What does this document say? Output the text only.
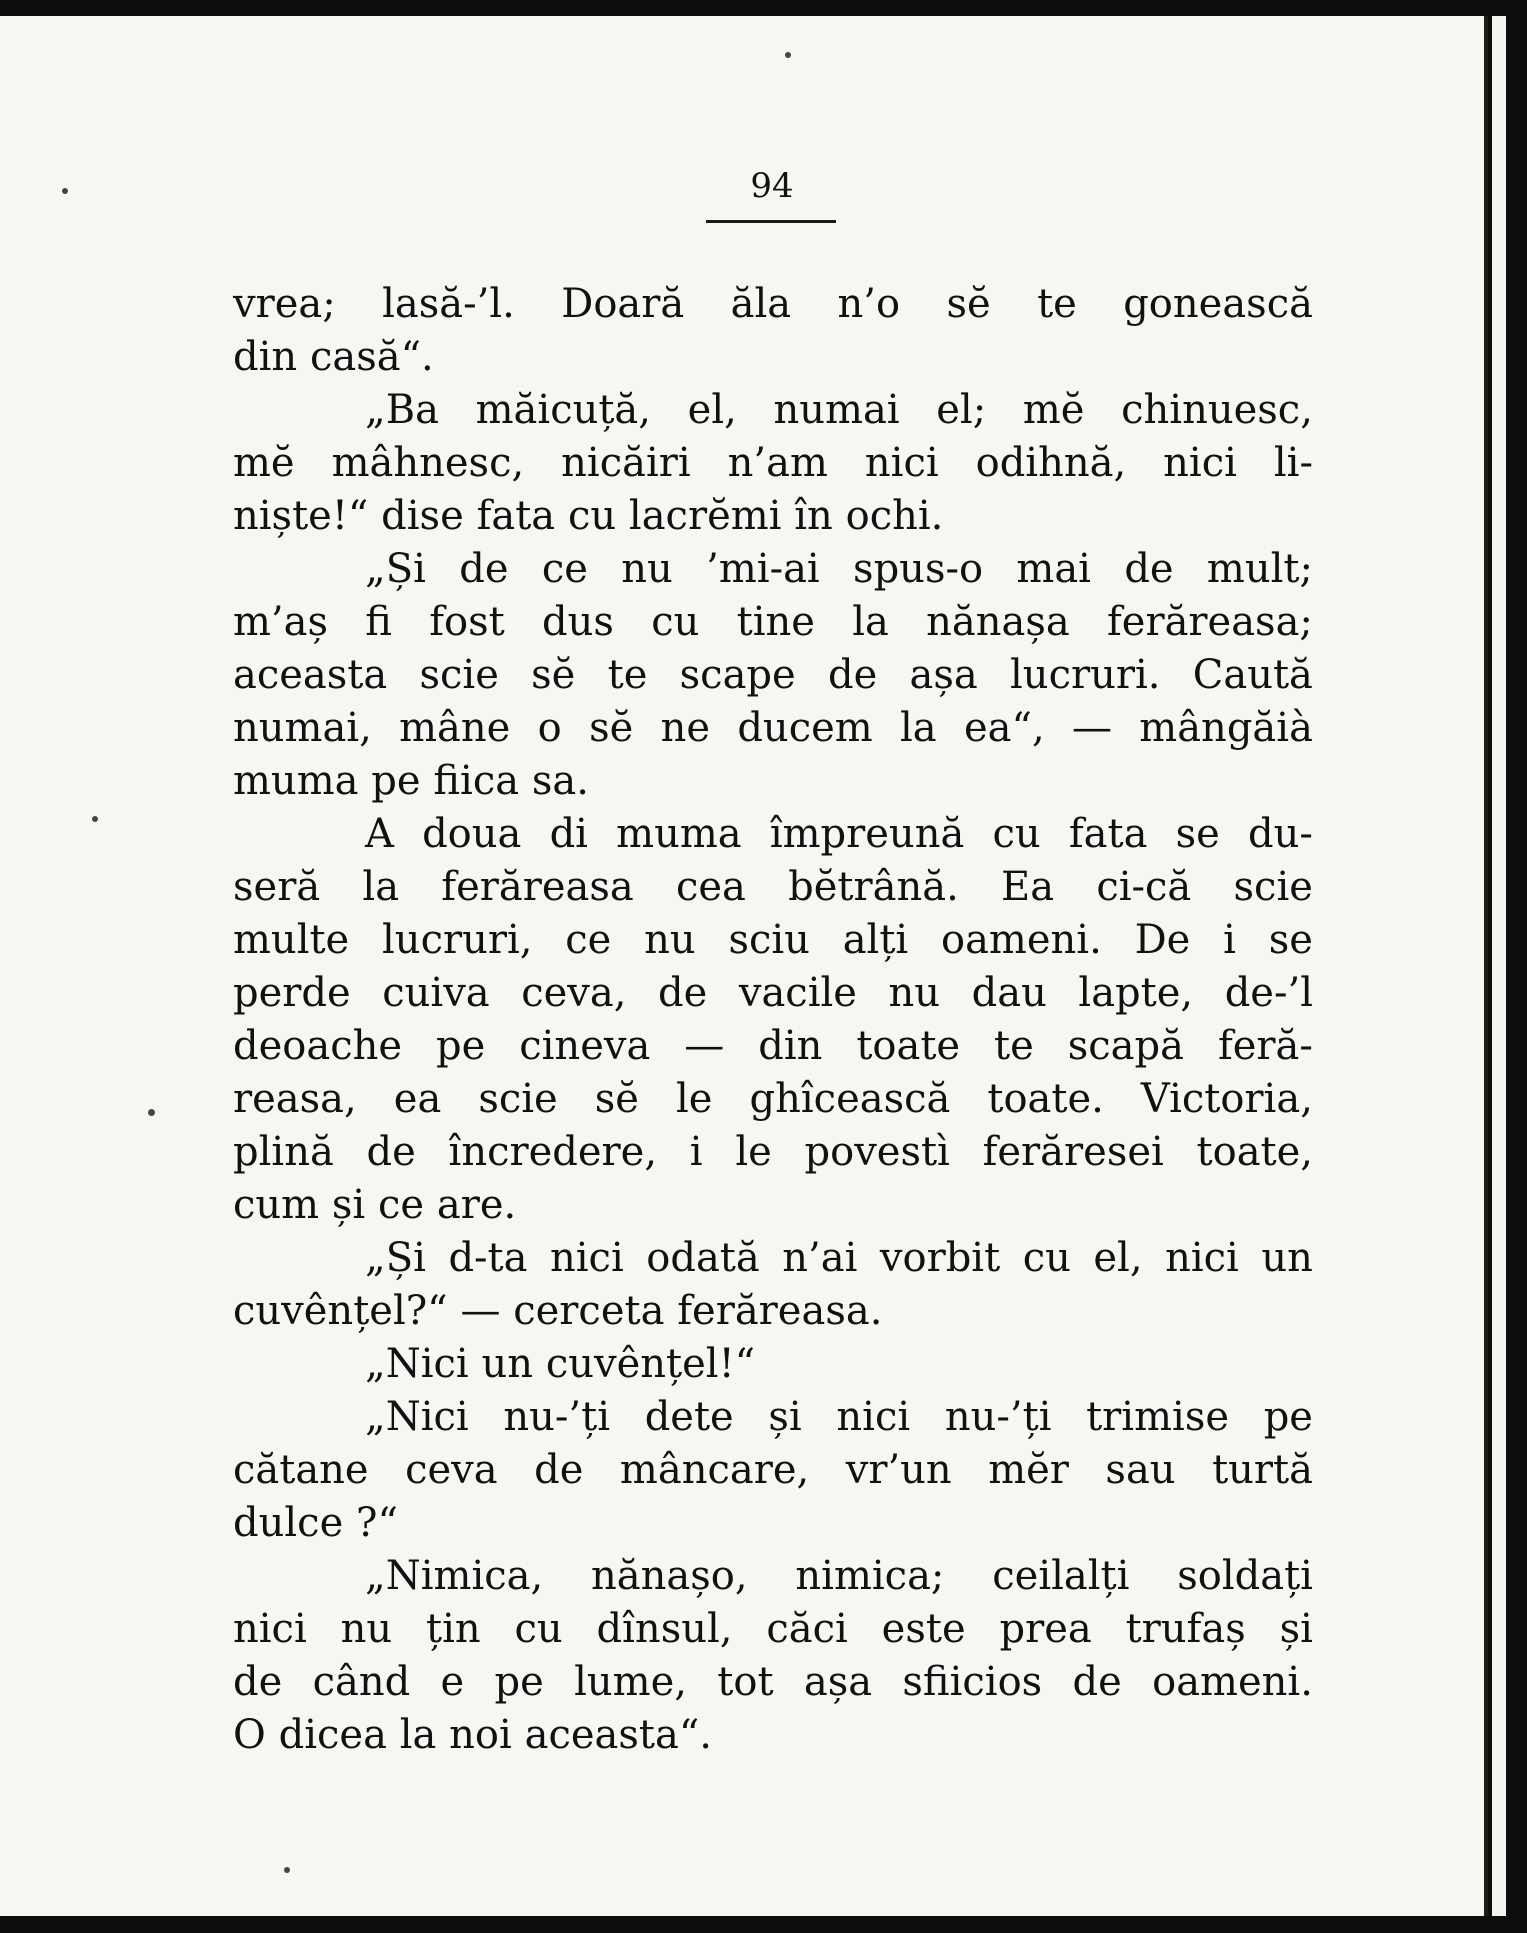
94
vrea; lasă-’l. Doară ăla n’o sĕ te gonească
din casă“.
„Ba măicuță, el, numai el; mĕ chinuesc,
mĕ mâhnesc, nicăiri n’am nici odihnă, nici li-
niște!“ dise fata cu lacrĕmi în ochi.
„Și de ce nu ’mi-ai spus-o mai de mult;
m’aș fi fost dus cu tine la nănașa ferăreasa;
aceasta scie sĕ te scape de așa lucruri. Caută
numai, mâne o sĕ ne ducem la ea“, — mângăià
muma pe fiica sa.
A doua di muma împreună cu fata se du-
seră la ferăreasa cea bĕtrână. Ea ci-că scie
multe lucruri, ce nu sciu alți oameni. De i se
perde cuiva ceva, de vacile nu dau lapte, de-’l
deoache pe cineva — din toate te scapă feră-
reasa, ea scie sĕ le ghîcească toate. Victoria,
plină de încredere, i le povestì ferăresei toate,
cum și ce are.
„Și d-ta nici odată n’ai vorbit cu el, nici un
cuvênțel?“ — cerceta ferăreasa.
„Nici un cuvênțel!“
„Nici nu-’ți dete și nici nu-’ți trimise pe
cătane ceva de mâncare, vr’un mĕr sau turtă
dulce ?“
„Nimica, nănașo, nimica; ceilalți soldați
nici nu țin cu dînsul, căci este prea trufaș și
de când e pe lume, tot așa sfiicios de oameni.
O dicea la noi aceasta“.
